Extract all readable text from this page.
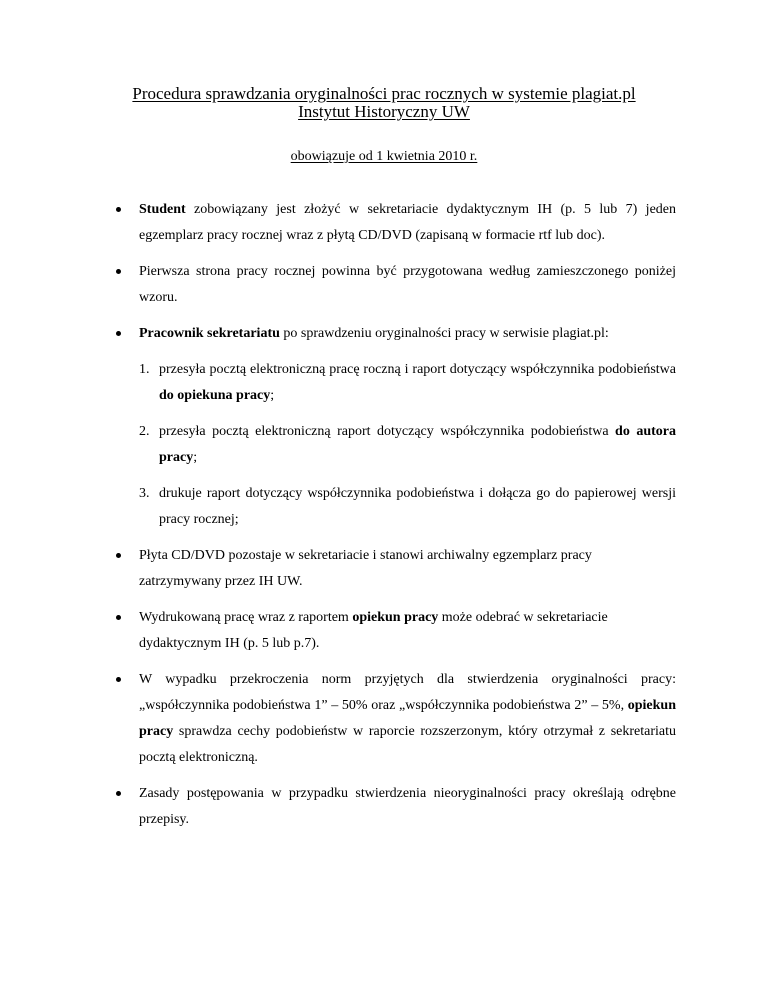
Procedura sprawdzania oryginalności prac rocznych w systemie plagiat.pl
Instytut Historyczny UW
obowiązuje od 1 kwietnia 2010 r.
Student zobowiązany jest złożyć w sekretariacie dydaktycznym IH (p. 5 lub 7) jeden egzemplarz pracy rocznej wraz z płytą CD/DVD (zapisaną w formacie rtf lub doc).
Pierwsza strona pracy rocznej powinna być przygotowana według zamieszczonego poniżej wzoru.
Pracownik sekretariatu po sprawdzeniu oryginalności pracy w serwisie plagiat.pl:
1. przesyła pocztą elektroniczną pracę roczną i raport dotyczący współczynnika podobieństwa do opiekuna pracy;
2. przesyła pocztą elektroniczną raport dotyczący współczynnika podobieństwa do autora pracy;
3. drukuje raport dotyczący współczynnika podobieństwa i dołącza go do papierowej wersji pracy rocznej;
Płyta CD/DVD pozostaje w sekretariacie i stanowi archiwalny egzemplarz pracy zatrzymywany przez IH UW.
Wydrukowaną pracę wraz z raportem opiekun pracy może odebrać w sekretariacie dydaktycznym IH (p. 5 lub p.7).
W wypadku przekroczenia norm przyjętych dla stwierdzenia oryginalności pracy: „współczynnika podobieństwa 1” – 50% oraz „współczynnika podobieństwa 2” – 5%, opiekun pracy sprawdza cechy podobieństw w raporcie rozszerzonym, który otrzymał z sekretariatu pocztą elektroniczną.
Zasady postępowania w przypadku stwierdzenia nieoryginalności pracy określają odrębne przepisy.
